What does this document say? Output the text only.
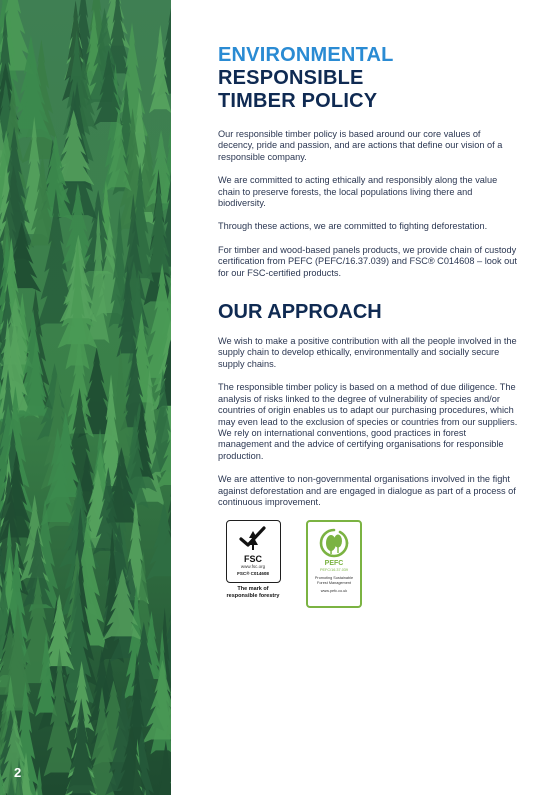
2
ENVIRONMENTAL
RESPONSIBLE
TIMBER POLICY

Our responsible timber policy is based around our core values of decency, pride and passion, and are actions that define our vision of a responsible company.

We are committed to acting ethically and responsibly along the value chain to preserve forests, the local populations living there and biodiversity.

Through these actions, we are committed to fighting deforestation.

For timber and wood-based panels products, we provide chain of custody certification from PEFC (PEFC/16.37.039) and FSC® C014608 – look out for our FSC-certified products.

OUR APPROACH

We wish to make a positive contribution with all the people involved in the supply chain to develop ethically, environmentally and socially secure supply chains.

The responsible timber policy is based on a method of due diligence. The analysis of risks linked to the degree of vulnerability of species and/or countries of origin enables us to adapt our purchasing procedures, which may even lead to the exclusion of species or countries from our suppliers. We rely on international conventions, good practices in forest management and the advice of certifying organisations for responsible production.

We are attentive to non-governmental organisations involved in the fight against deforestation and are engaged in dialogue as part of a process of continuous improvement.

FSC
www.fsc.org
FSC® C014608
The mark of
responsible forestry
PEFC
PEFC/16.37.039
Promoting Sustainable
Forest Management
www.pefc.co.uk
